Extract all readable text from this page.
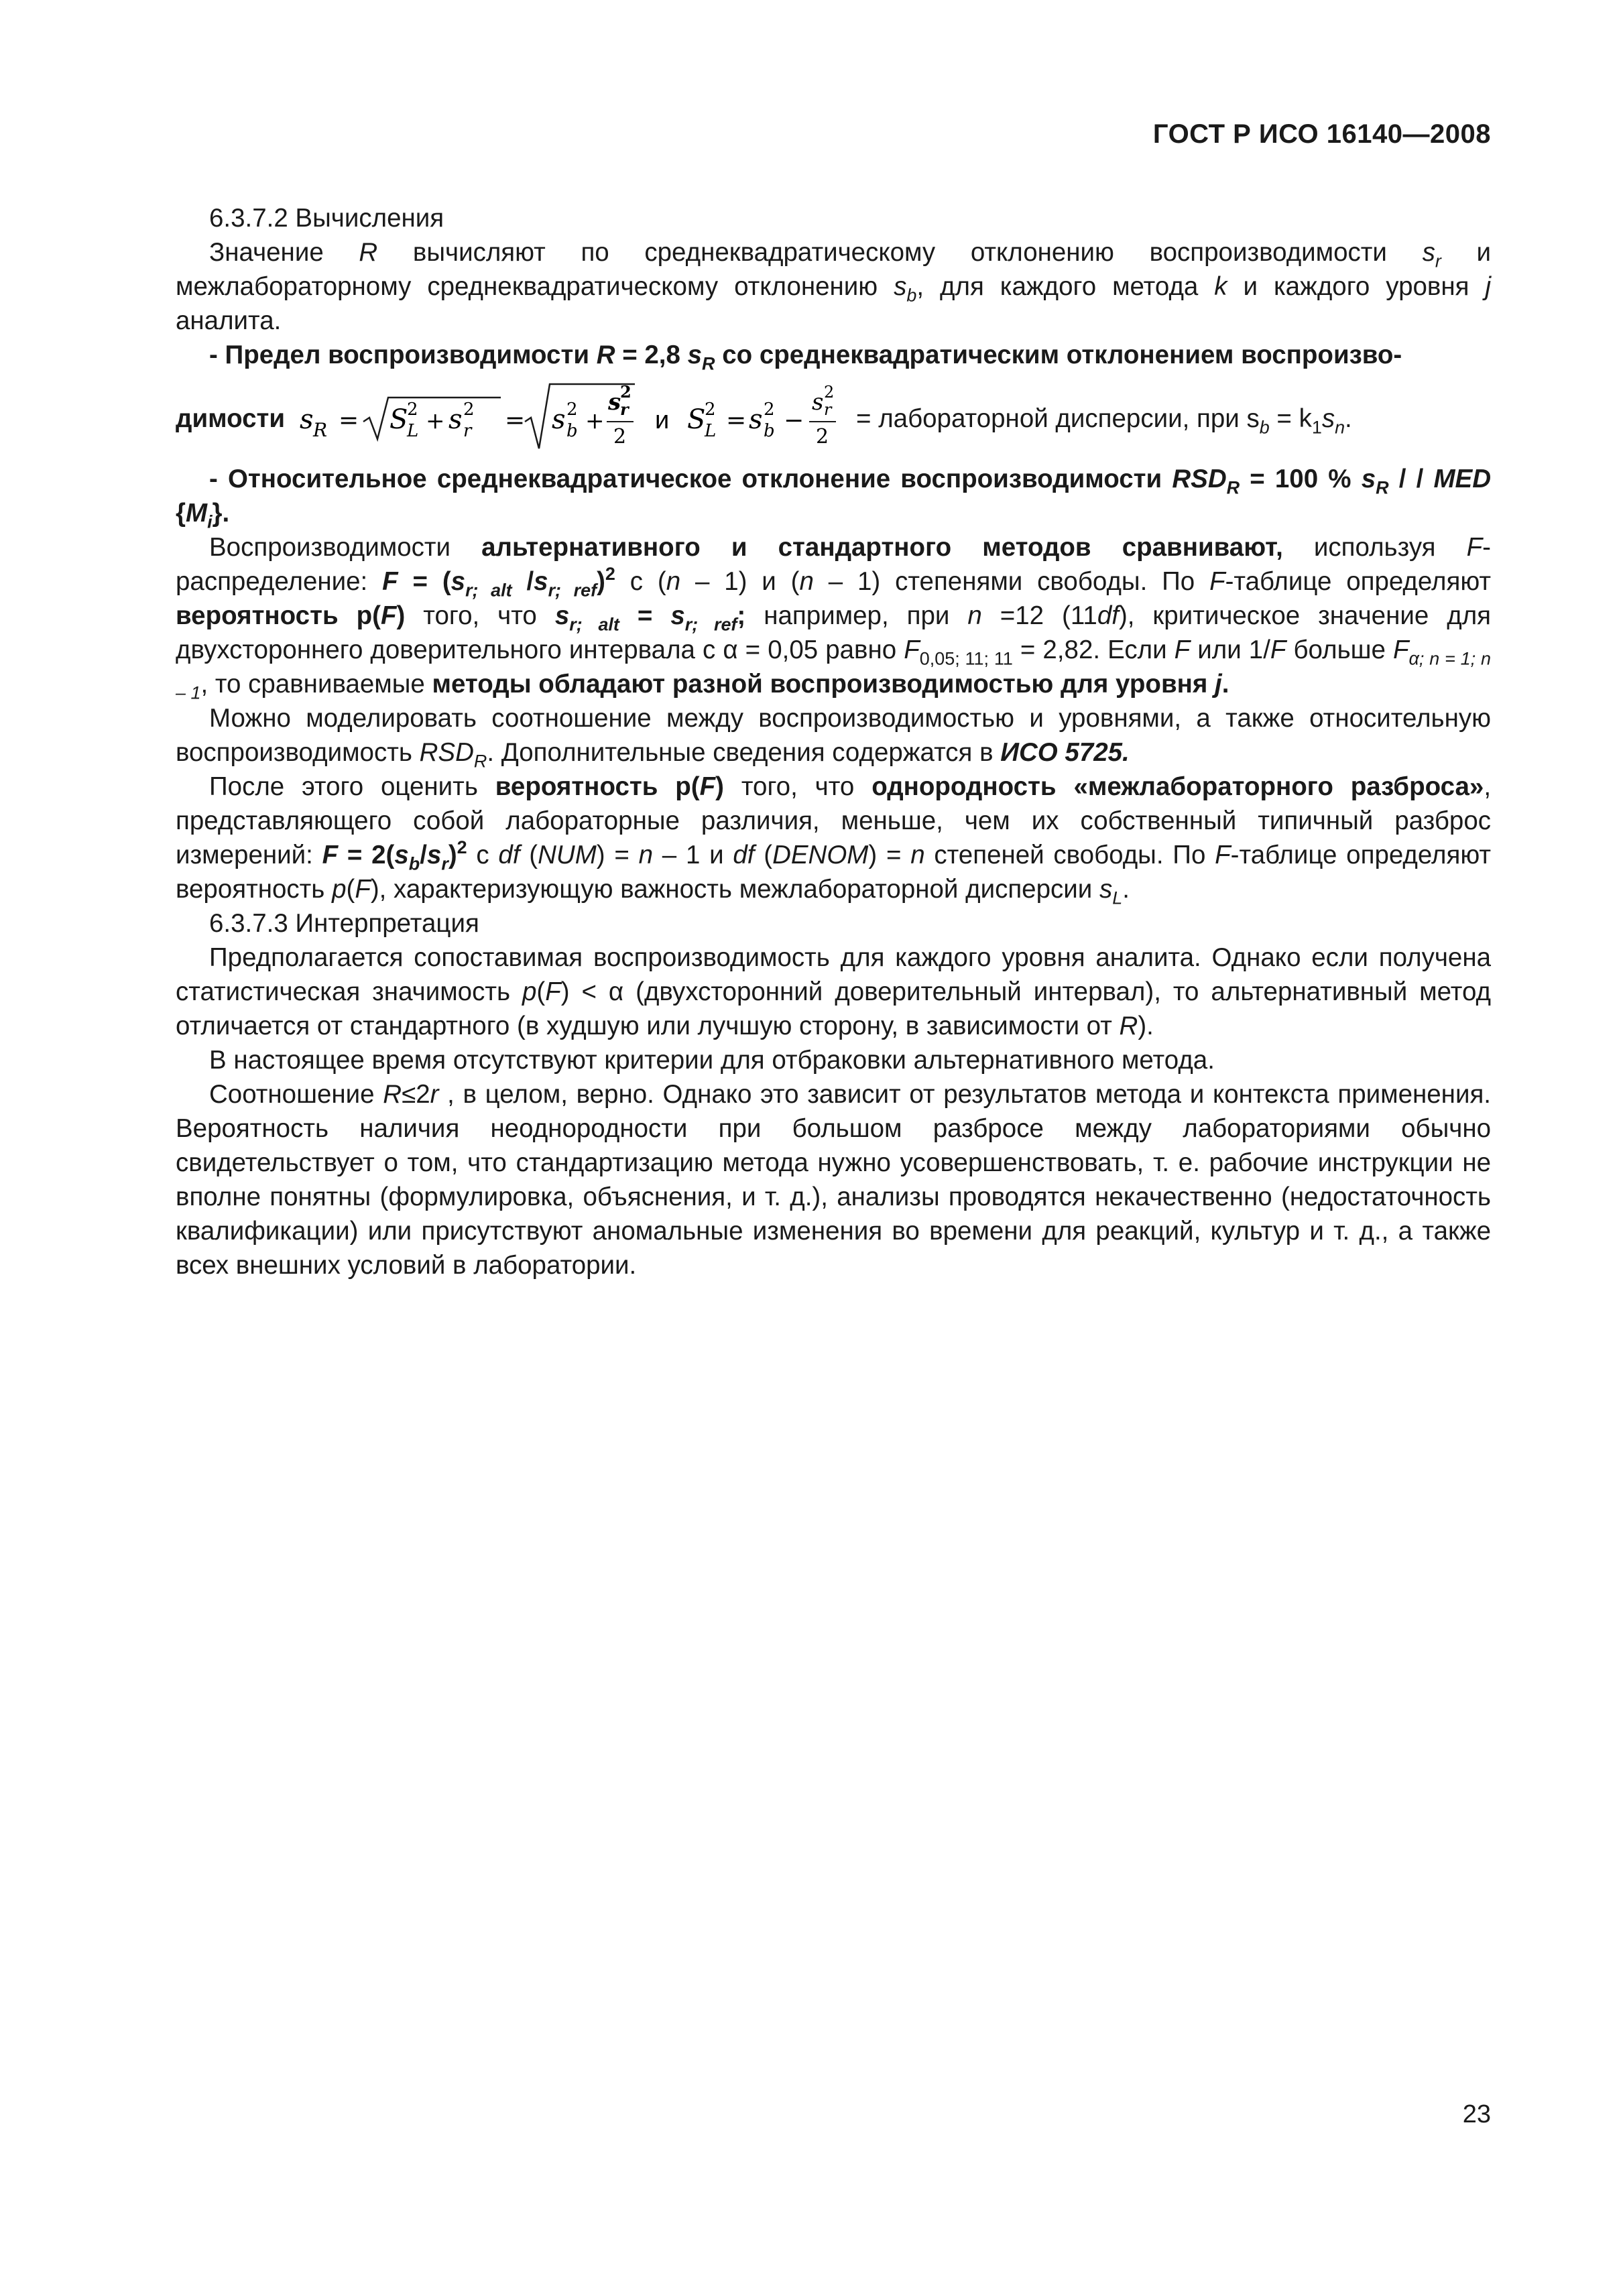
ГОСТ Р ИСО 16140—2008

6.3.7.2 Вычисления

Значение R вычисляют по среднеквадратическому отклонению воспроизводимости $s_r$ и межлабораторному среднеквадратическому отклонению $s_b$, для каждого метода k и каждого уровня j аналита.

- Предел воспроизводимости R = 2,8 $s_R$ со среднеквадратическим отклонением воспроизво-

димости s R = S
2
L + s 2
r = s 2
b +
s
2
r
2
и S
2
L = s 2
b −
s 2
r
2
= лабораторной дисперсии, при $s_b = k_1s_n$.

- Относительное среднеквадратическое отклонение воспроизводимости $RSD_R = 100$ % $s_R$ / / MED $\{M_i\}$.

Воспроизводимости альтернативного и стандартного методов сравнивают, используя F-распределение: $F = (s_{r; alt}$ $/s_{r; ref})^2$ с (n – 1) и (n – 1) степенями свободы. По F-таблице определяют вероятность p(F) того, что $s_{r; alt} = s_{r; ref}$; например, при n =12 (11df), критическое значение для двухстороннего доверительного интервала с α = 0,05 равно $F_{0,05; 11; 11} = 2,82$. Если F или 1/F больше $F_{\alpha; n = 1; n - 1}$, то сравниваемые методы обладают разной воспроизводимостью для уровня j.

Можно моделировать соотношение между воспроизводимостью и уровнями, а также относительную воспроизводимость $RSD_R$. Дополнительные сведения содержатся в ИСО 5725.

После этого оценить вероятность p(F) того, что однородность «межлабораторного разброса», представляющего собой лабораторные различия, меньше, чем их собственный типичный разброс измерений: $F = 2(s_b/s_r)^2$ с df (NUM) = n – 1 и df (DENOM) = n степеней свободы. По F-таблице определяют вероятность p(F), характеризующую важность межлабораторной дисперсии $s_L$.

6.3.7.3 Интерпретация

Предполагается сопоставимая воспроизводимость для каждого уровня аналита. Однако если получена статистическая значимость p(F) < α (двухсторонний доверительный интервал), то альтернативный метод отличается от стандартного (в худшую или лучшую сторону, в зависимости от R).

В настоящее время отсутствуют критерии для отбраковки альтернативного метода.

Соотношение R≤2r , в целом, верно. Однако это зависит от результатов метода и контекста применения. Вероятность наличия неоднородности при большом разбросе между лабораториями обычно свидетельствует о том, что стандартизацию метода нужно усовершенствовать, т. е. рабочие инструкции не вполне понятны (формулировка, объяснения, и т. д.), анализы проводятся некачественно (недостаточность квалификации) или присутствуют аномальные изменения во времени для реакций, культур и т. д., а также всех внешних условий в лаборатории.

23
